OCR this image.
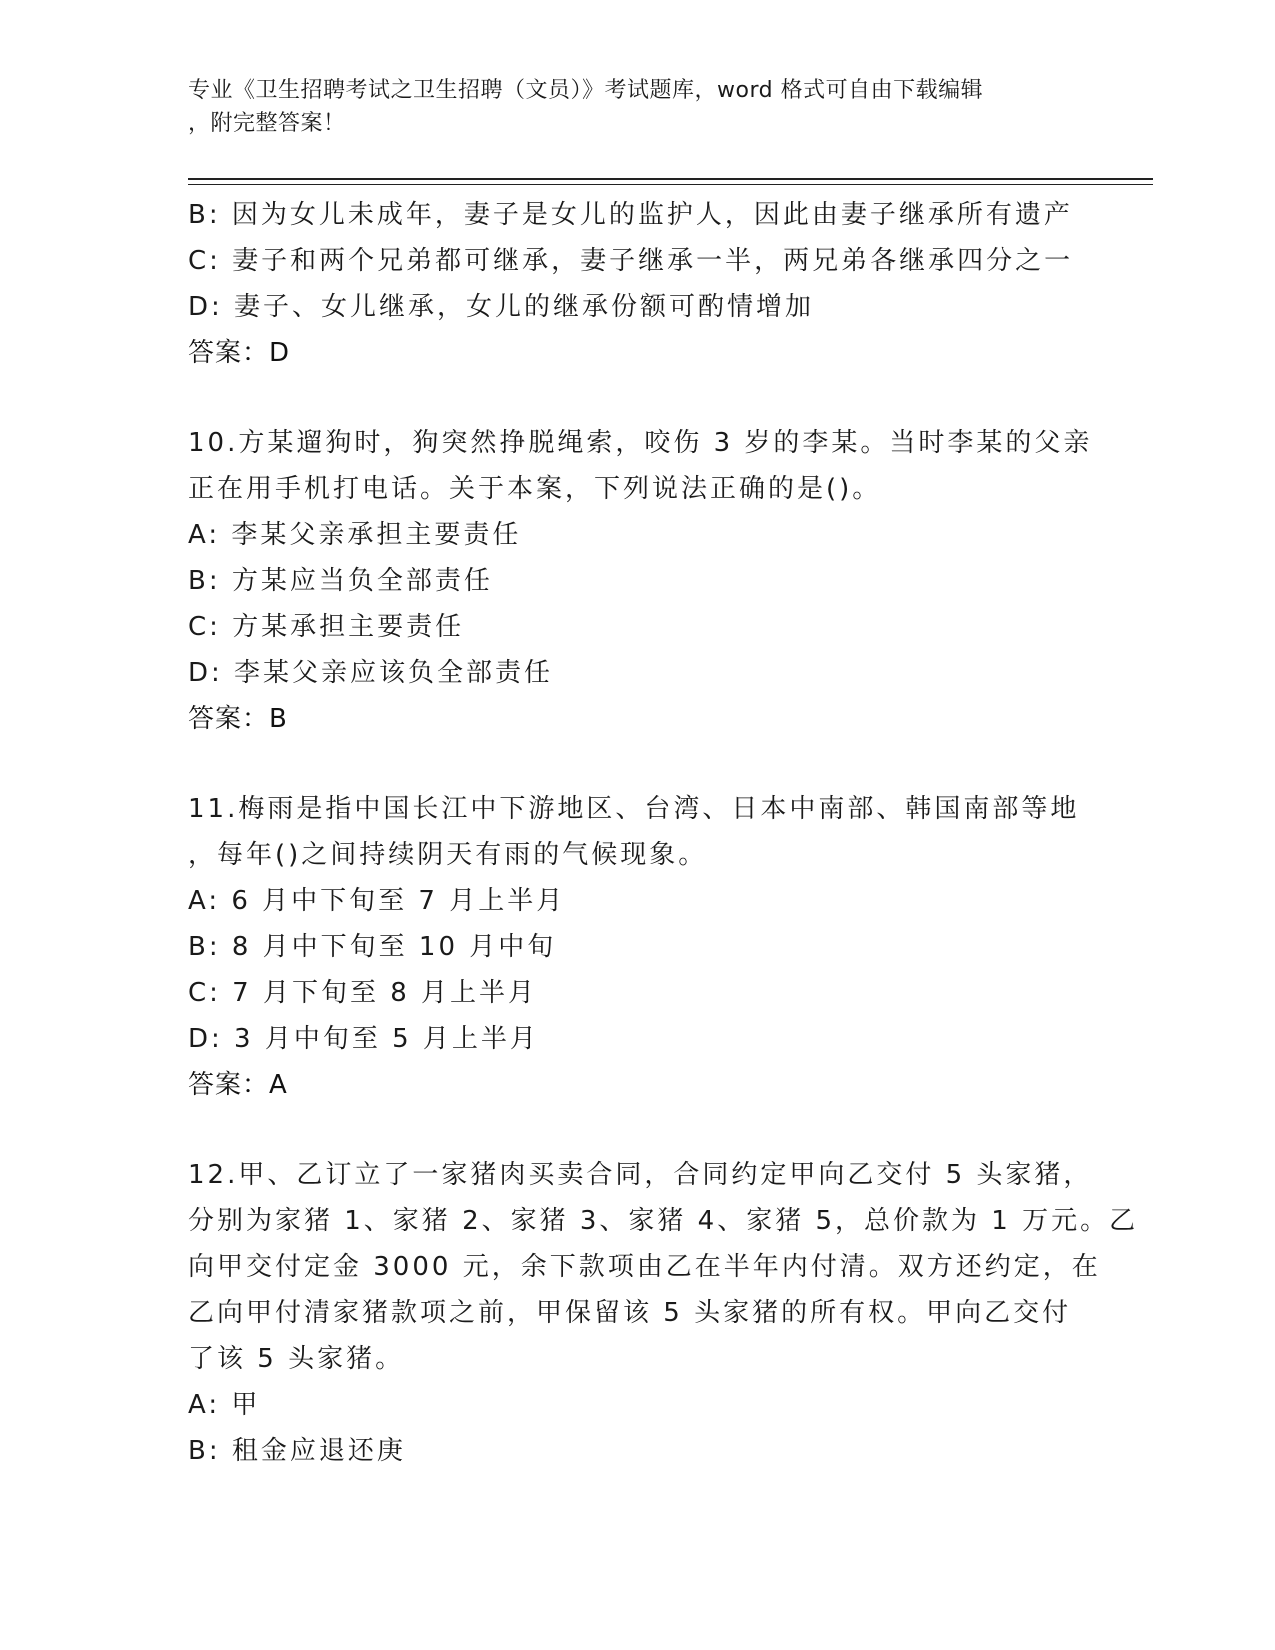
专业《卫生招聘考试之卫生招聘（文员）》考试题库，word 格式可自由下载编辑
，附完整答案！
B: 因为女儿未成年，妻子是女儿的监护人，因此由妻子继承所有遗产
C: 妻子和两个兄弟都可继承，妻子继承一半，两兄弟各继承四分之一
D: 妻子、女儿继承，女儿的继承份额可酌情增加
答案：D
10.方某遛狗时，狗突然挣脱绳索，咬伤 3 岁的李某。当时李某的父亲
正在用手机打电话。关于本案，下列说法正确的是()。
A: 李某父亲承担主要责任
B: 方某应当负全部责任
C: 方某承担主要责任
D: 李某父亲应该负全部责任
答案：B
11.梅雨是指中国长江中下游地区、台湾、日本中南部、韩国南部等地
，每年()之间持续阴天有雨的气候现象。
A: 6 月中下旬至 7 月上半月
B: 8 月中下旬至 10 月中旬
C: 7 月下旬至 8 月上半月
D: 3 月中旬至 5 月上半月
答案：A
12.甲、乙订立了一家猪肉买卖合同，合同约定甲向乙交付 5 头家猪，
分别为家猪 1、家猪 2、家猪 3、家猪 4、家猪 5，总价款为 1 万元。乙
向甲交付定金 3000 元，余下款项由乙在半年内付清。双方还约定，在
乙向甲付清家猪款项之前，甲保留该 5 头家猪的所有权。甲向乙交付
了该 5 头家猪。
A: 甲
B: 租金应退还庚
